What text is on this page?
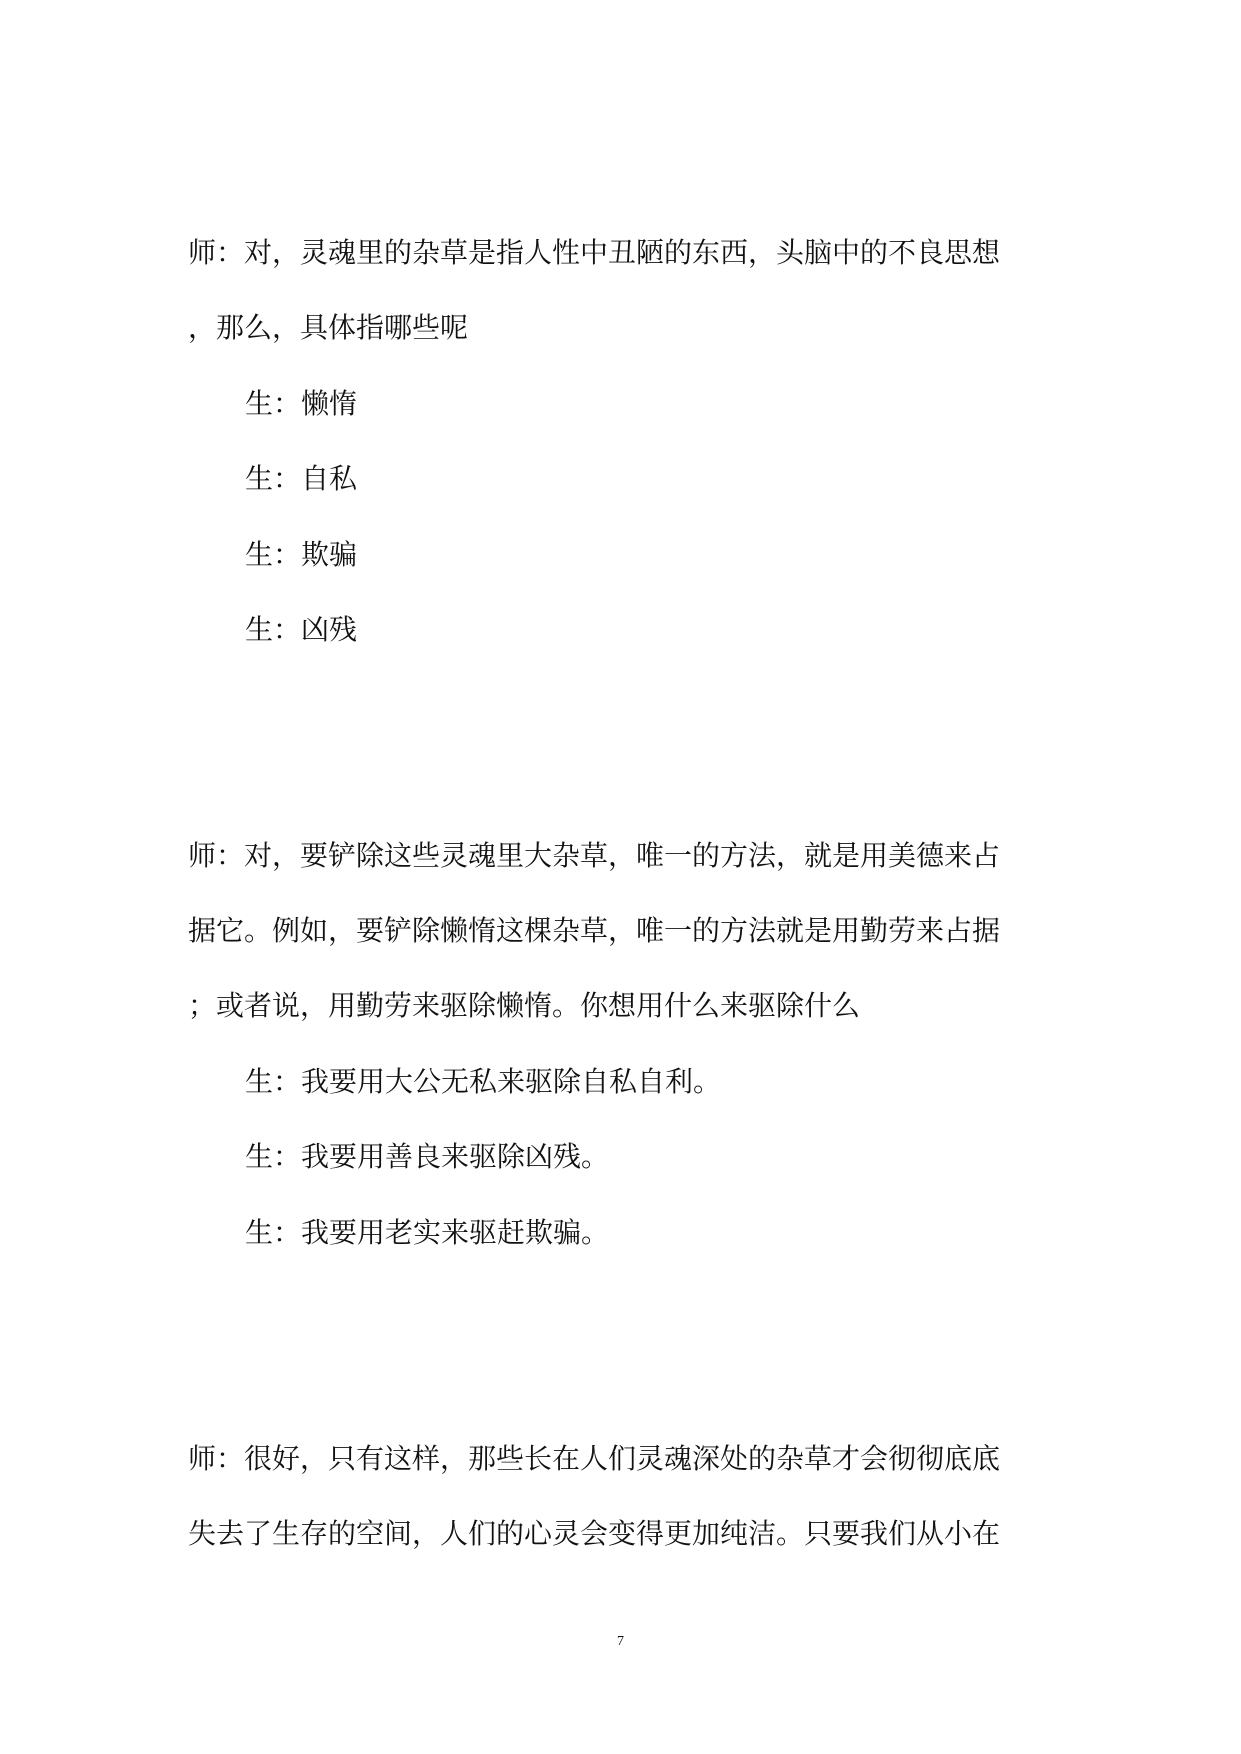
师：对，灵魂里的杂草是指人性中丑陋的东西，头脑中的不良思想

，那么，具体指哪些呢

生：懒惰

生：自私

生：欺骗

生：凶残

师：对，要铲除这些灵魂里大杂草，唯一的方法，就是用美德来占

据它。例如，要铲除懒惰这棵杂草，唯一的方法就是用勤劳来占据

；或者说，用勤劳来驱除懒惰。你想用什么来驱除什么

生：我要用大公无私来驱除自私自利。

生：我要用善良来驱除凶残。

生：我要用老实来驱赶欺骗。

师：很好，只有这样，那些长在人们灵魂深处的杂草才会彻彻底底

失去了生存的空间，人们的心灵会变得更加纯洁。只要我们从小在

7
